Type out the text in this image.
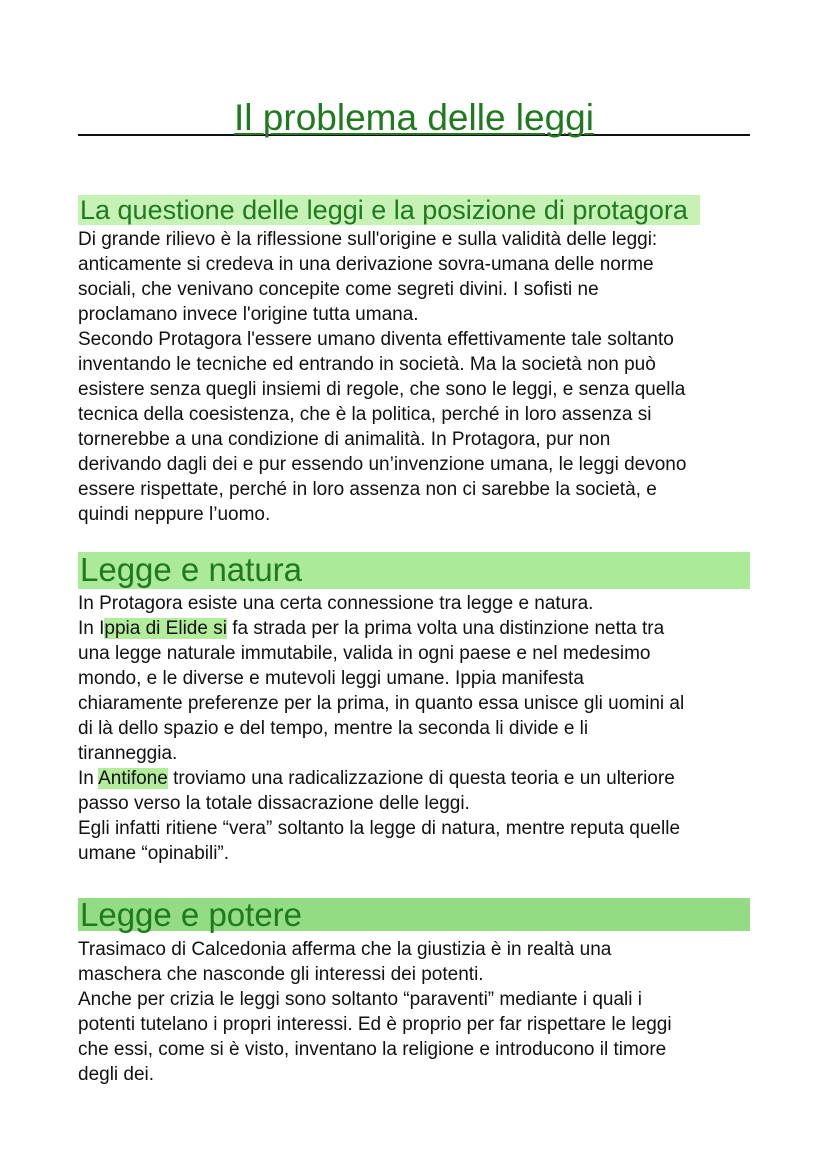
Il problema delle leggi
La questione delle leggi e la posizione di protagora

Di grande rilievo è la riflessione sull'origine e sulla validità delle leggi:
anticamente si credeva in una derivazione sovra-umana delle norme
sociali, che venivano concepite come segreti divini. I sofisti ne
proclamano invece l'origine tutta umana.
Secondo Protagora l'essere umano diventa effettivamente tale soltanto
inventando le tecniche ed entrando in società. Ma la società non può
esistere senza quegli insiemi di regole, che sono le leggi, e senza quella
tecnica della coesistenza, che è la politica, perché in loro assenza si
tornerebbe a una condizione di animalità. In Protagora, pur non
derivando dagli dei e pur essendo un’invenzione umana, le leggi devono
essere rispettate, perché in loro assenza non ci sarebbe la società, e
quindi neppure l’uomo.

Legge e natura

In Protagora esiste una certa connessione tra legge e natura.
In Ippia di Elide si fa strada per la prima volta una distinzione netta tra
una legge naturale immutabile, valida in ogni paese e nel medesimo
mondo, e le diverse e mutevoli leggi umane. Ippia manifesta
chiaramente preferenze per la prima, in quanto essa unisce gli uomini al
di là dello spazio e del tempo, mentre la seconda li divide e li
tiranneggia.
In Antifone troviamo una radicalizzazione di questa teoria e un ulteriore
passo verso la totale dissacrazione delle leggi.
Egli infatti ritiene “vera” soltanto la legge di natura, mentre reputa quelle
umane “opinabili”.

Legge e potere

Trasimaco di Calcedonia afferma che la giustizia è in realtà una
maschera che nasconde gli interessi dei potenti.
Anche per crizia le leggi sono soltanto “paraventi” mediante i quali i
potenti tutelano i propri interessi. Ed è proprio per far rispettare le leggi
che essi, come si è visto, inventano la religione e introducono il timore
degli dei.
